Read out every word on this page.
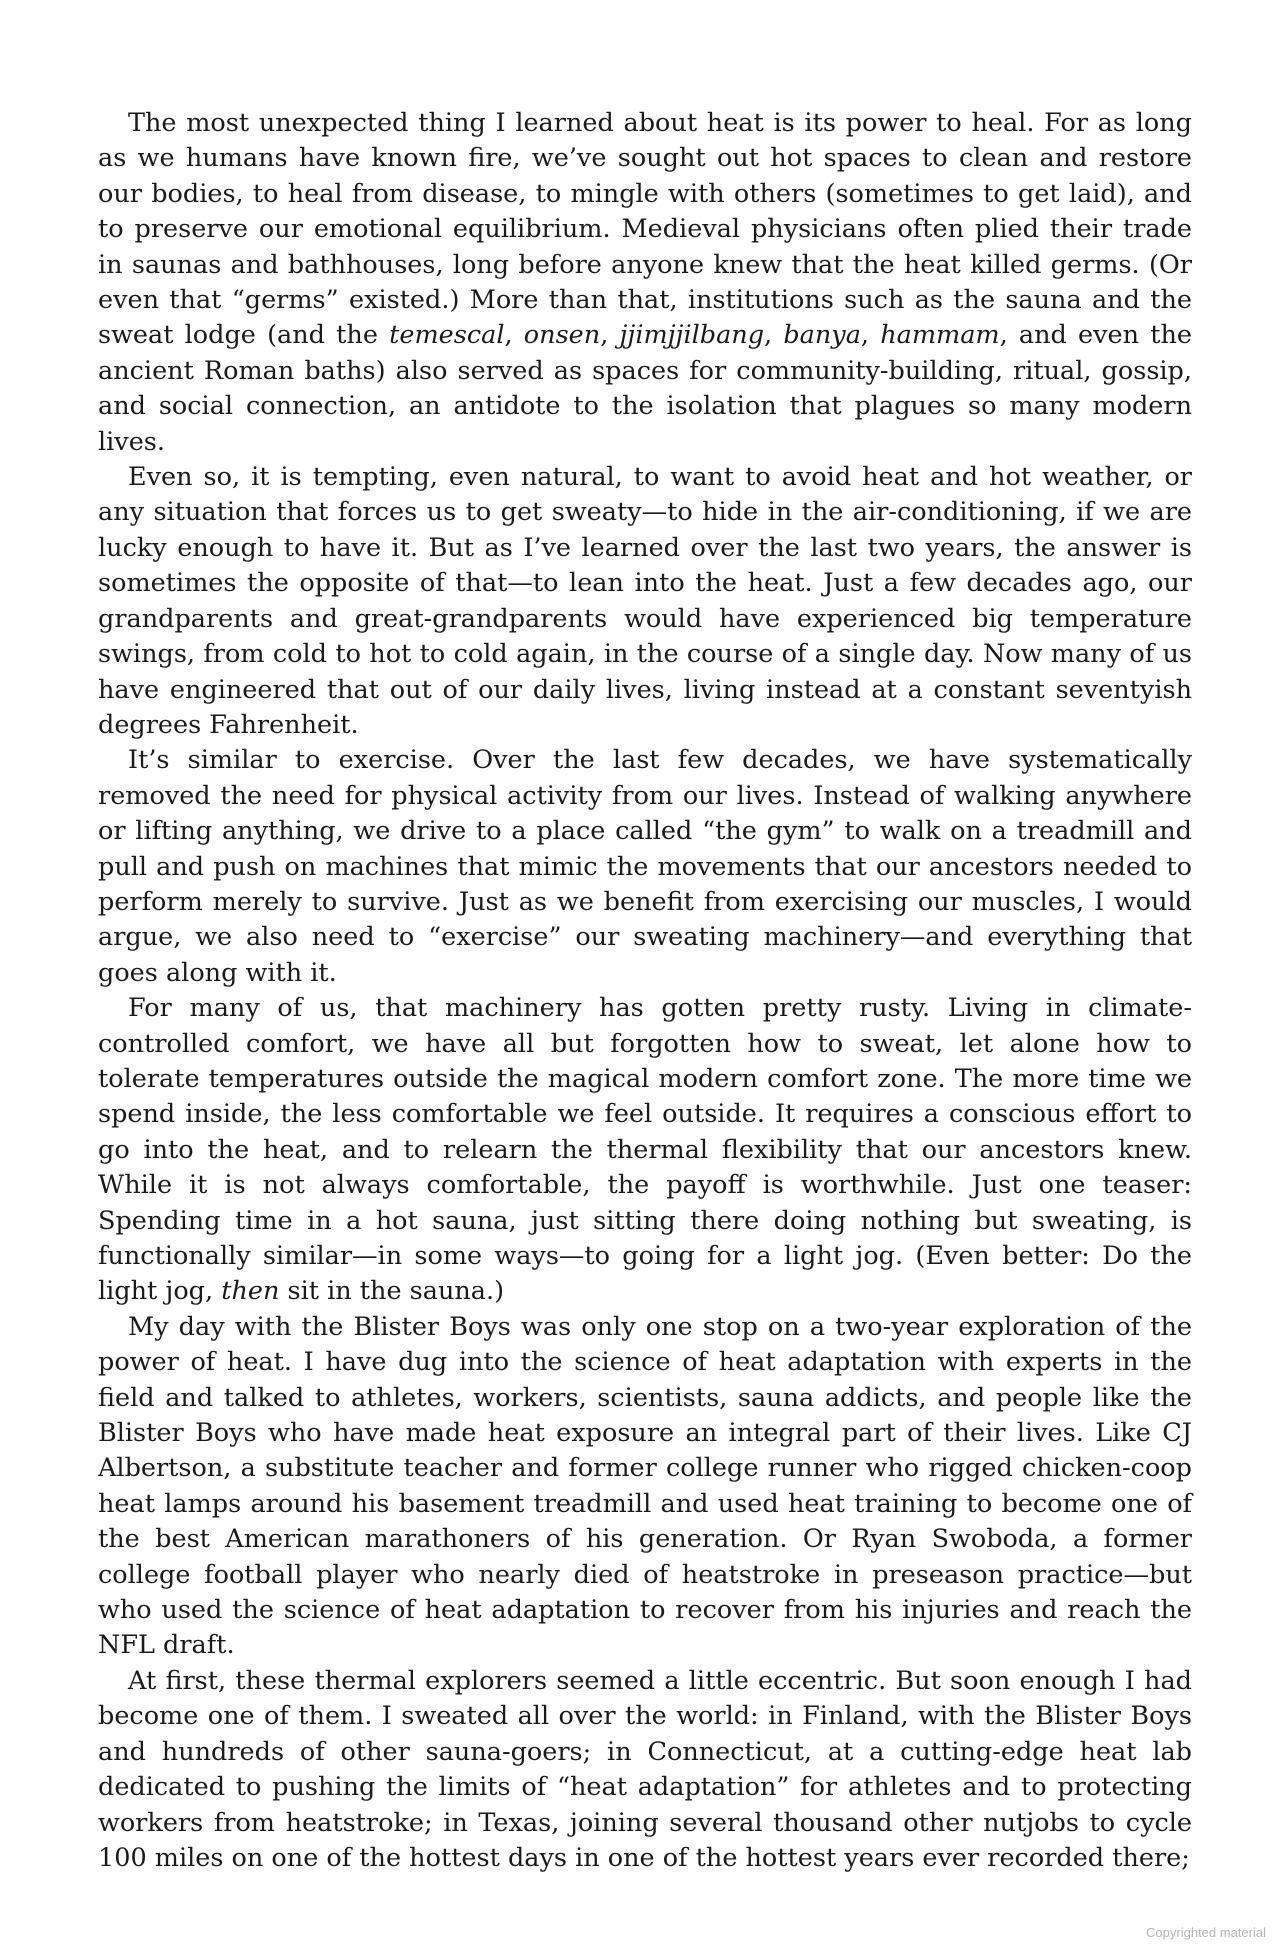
The most unexpected thing I learned about heat is its power to heal. For as long as we humans have known fire, we’ve sought out hot spaces to clean and restore our bodies, to heal from disease, to mingle with others (sometimes to get laid), and to preserve our emotional equilibrium. Medieval physicians often plied their trade in saunas and bathhouses, long before anyone knew that the heat killed germs. (Or even that “germs” existed.) More than that, institutions such as the sauna and the sweat lodge (and the temescal, onsen, jjimjjilbang, banya, hammam, and even the ancient Roman baths) also served as spaces for community-building, ritual, gossip, and social connection, an antidote to the isolation that plagues so many modern lives.

Even so, it is tempting, even natural, to want to avoid heat and hot weather, or any situation that forces us to get sweaty—to hide in the air-conditioning, if we are lucky enough to have it. But as I’ve learned over the last two years, the answer is sometimes the opposite of that—to lean into the heat. Just a few decades ago, our grandparents and great-grandparents would have experienced big temperature swings, from cold to hot to cold again, in the course of a single day. Now many of us have engineered that out of our daily lives, living instead at a constant seventyish degrees Fahrenheit.

It’s similar to exercise. Over the last few decades, we have systematically removed the need for physical activity from our lives. Instead of walking anywhere or lifting anything, we drive to a place called “the gym” to walk on a treadmill and pull and push on machines that mimic the movements that our ancestors needed to perform merely to survive. Just as we benefit from exercising our muscles, I would argue, we also need to “exercise” our sweating machinery—and everything that goes along with it.

For many of us, that machinery has gotten pretty rusty. Living in climate-controlled comfort, we have all but forgotten how to sweat, let alone how to tolerate temperatures outside the magical modern comfort zone. The more time we spend inside, the less comfortable we feel outside. It requires a conscious effort to go into the heat, and to relearn the thermal flexibility that our ancestors knew. While it is not always comfortable, the payoff is worthwhile. Just one teaser: Spending time in a hot sauna, just sitting there doing nothing but sweating, is functionally similar—in some ways—to going for a light jog. (Even better: Do the light jog, then sit in the sauna.)

My day with the Blister Boys was only one stop on a two-year exploration of the power of heat. I have dug into the science of heat adaptation with experts in the field and talked to athletes, workers, scientists, sauna addicts, and people like the Blister Boys who have made heat exposure an integral part of their lives. Like CJ Albertson, a substitute teacher and former college runner who rigged chicken-coop heat lamps around his basement treadmill and used heat training to become one of the best American marathoners of his generation. Or Ryan Swoboda, a former college football player who nearly died of heatstroke in preseason practice—but who used the science of heat adaptation to recover from his injuries and reach the NFL draft.

At first, these thermal explorers seemed a little eccentric. But soon enough I had become one of them. I sweated all over the world: in Finland, with the Blister Boys and hundreds of other sauna-goers; in Connecticut, at a cutting-edge heat lab dedicated to pushing the limits of “heat adaptation” for athletes and to protecting workers from heatstroke; in Texas, joining several thousand other nutjobs to cycle 100 miles on one of the hottest days in one of the hottest years ever recorded there;

Copyrighted material
